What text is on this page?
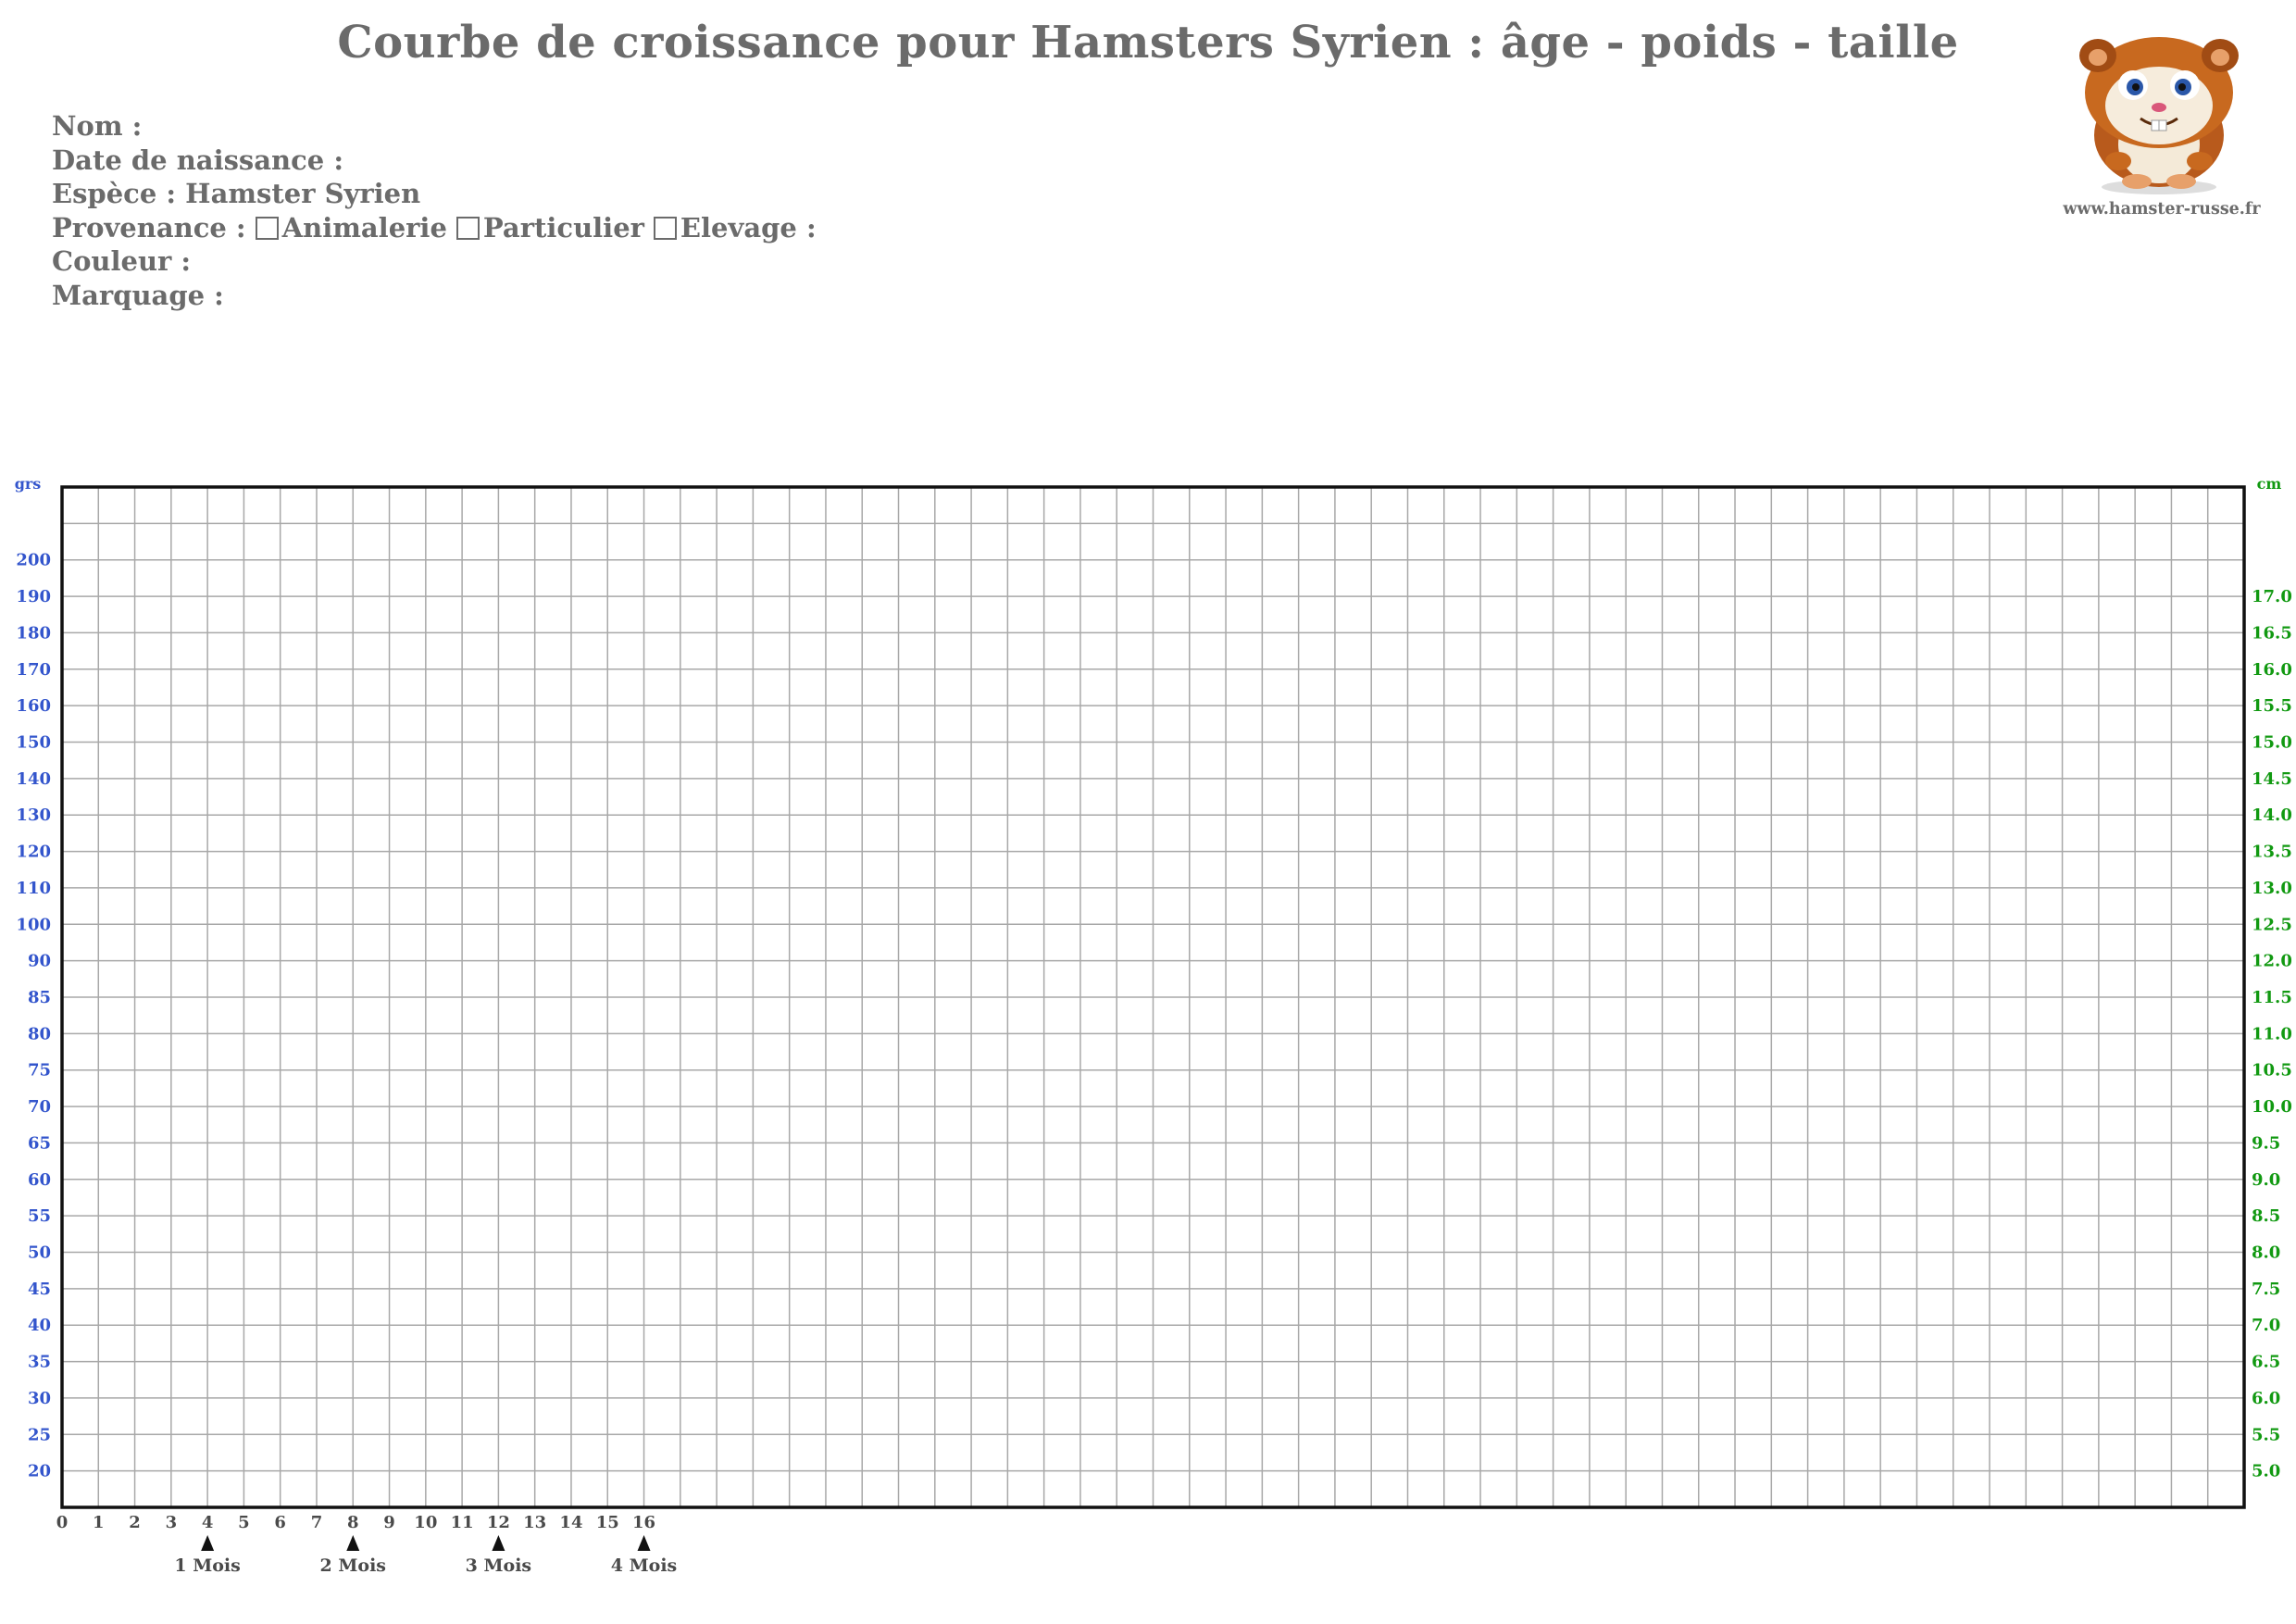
Courbe de croissance pour Hamsters Syrien : âge - poids - taille
Nom :
Date de naissance :
Espèce : Hamster Syrien
Provenance : Animalerie Particulier Elevage :
Couleur :
Marquage :
www.hamster-russe.fr
grs	cm
20
25
30
35
40
45
50
55
60
65
70
75
80
85
90
100
110
120
130
140
150
160
170
180
190
200
5.0
5.5
6.0
6.5
7.0
7.5
8.0
8.5
9.0
9.5
10.0
10.5
11.0
11.5
12.0
12.5
13.0
13.5
14.0
14.5
15.0
15.5
16.0
16.5
17.0
0 1 2 3 4 5 6 7 8 9 10 11 12 13 14 15 16
1 Mois	2 Mois	3 Mois	4 Mois
